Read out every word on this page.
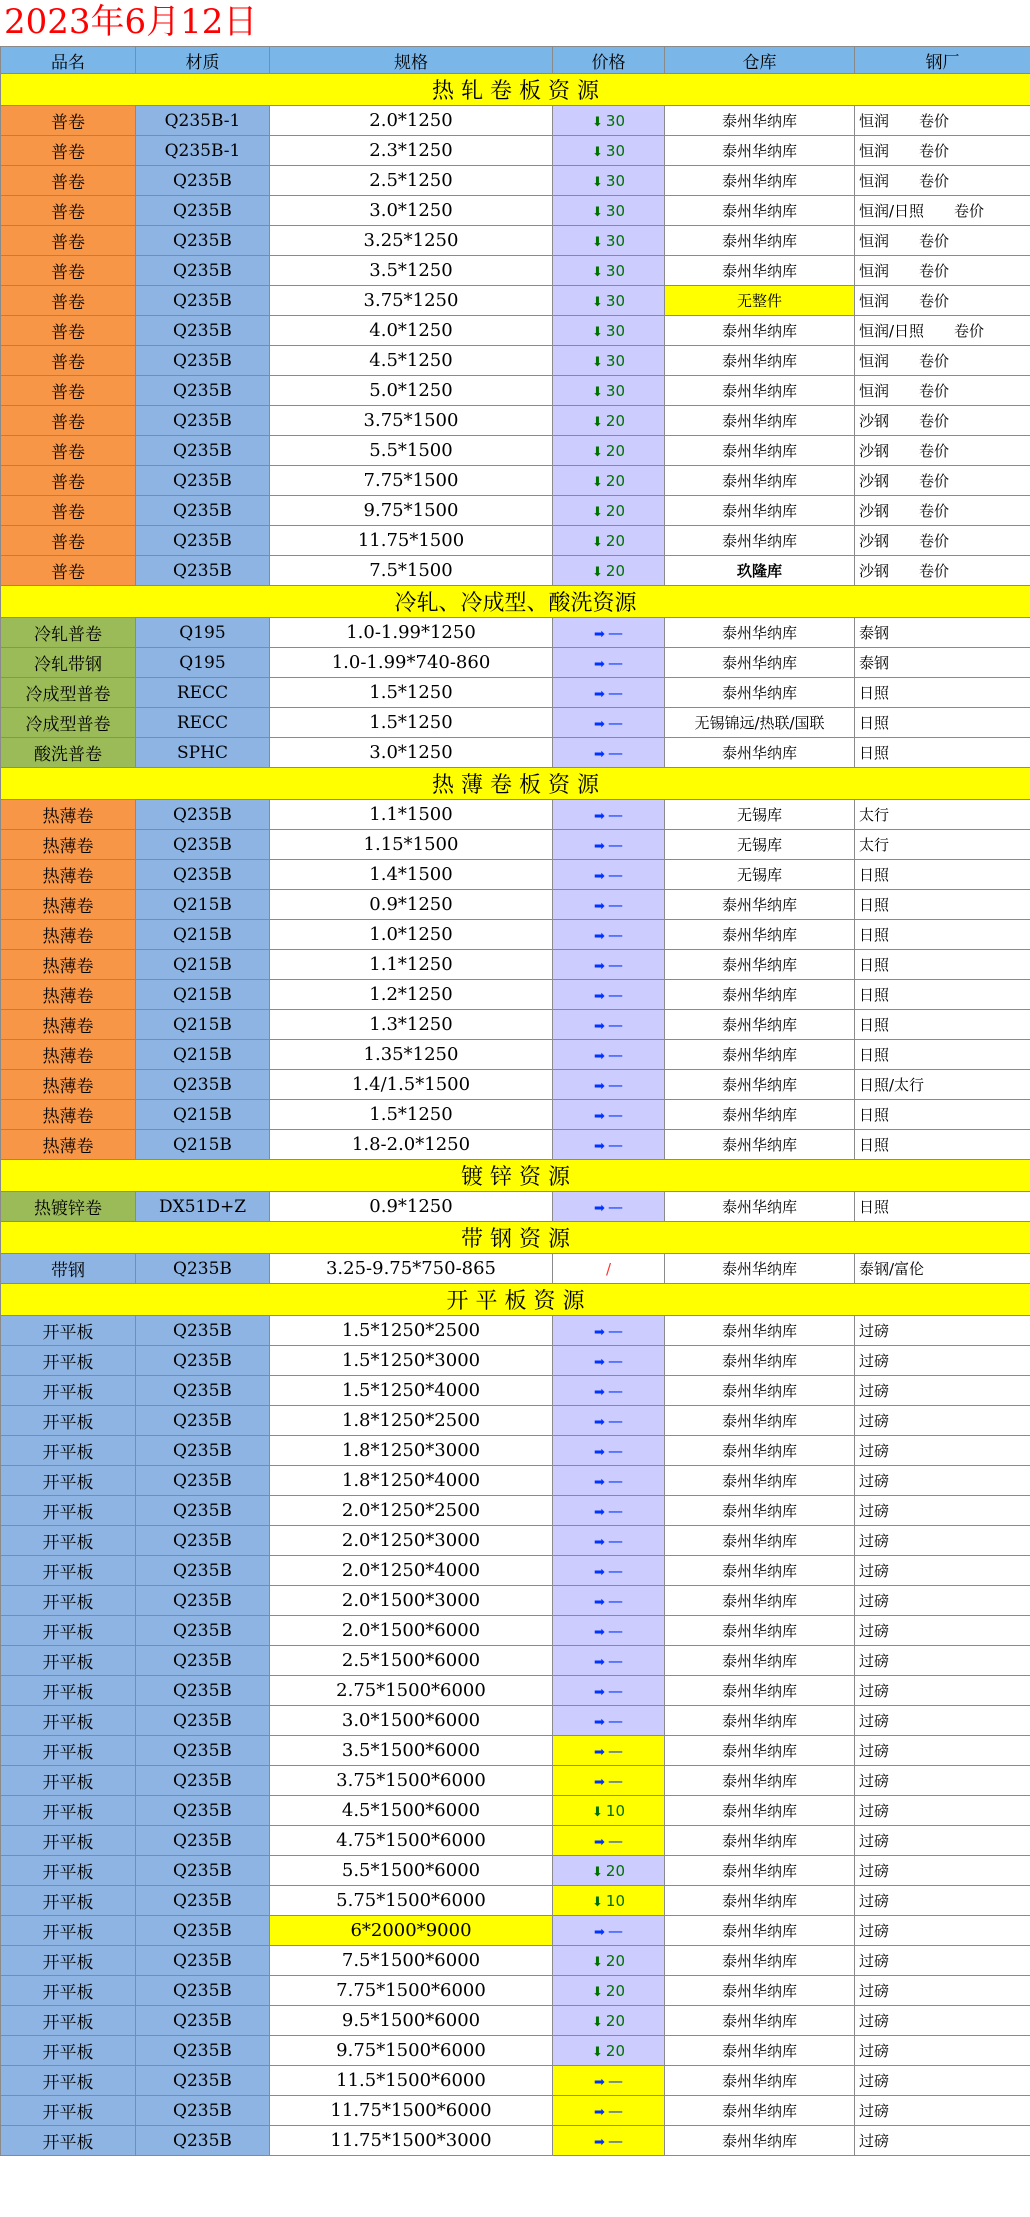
2023年6月12日
品名	材质	规格	价格	仓库	钢厂
热 轧 卷 板 资 源					
普卷	Q235B-1	2.0*1250	⬇ 30	泰州华纳库	恒润　　卷价
普卷	Q235B-1	2.3*1250	⬇ 30	泰州华纳库	恒润　　卷价
普卷	Q235B	2.5*1250	⬇ 30	泰州华纳库	恒润　　卷价
普卷	Q235B	3.0*1250	⬇ 30	泰州华纳库	恒润/日照　　卷价
普卷	Q235B	3.25*1250	⬇ 30	泰州华纳库	恒润　　卷价
普卷	Q235B	3.5*1250	⬇ 30	泰州华纳库	恒润　　卷价
普卷	Q235B	3.75*1250	⬇ 30	无整件	恒润　　卷价
普卷	Q235B	4.0*1250	⬇ 30	泰州华纳库	恒润/日照　　卷价
普卷	Q235B	4.5*1250	⬇ 30	泰州华纳库	恒润　　卷价
普卷	Q235B	5.0*1250	⬇ 30	泰州华纳库	恒润　　卷价
普卷	Q235B	3.75*1500	⬇ 20	泰州华纳库	沙钢　　卷价
普卷	Q235B	5.5*1500	⬇ 20	泰州华纳库	沙钢　　卷价
普卷	Q235B	7.75*1500	⬇ 20	泰州华纳库	沙钢　　卷价
普卷	Q235B	9.75*1500	⬇ 20	泰州华纳库	沙钢　　卷价
普卷	Q235B	11.75*1500	⬇ 20	泰州华纳库	沙钢　　卷价
普卷	Q235B	7.5*1500	⬇ 20	玖隆库	沙钢　　卷价
冷轧、冷成型、酸洗资源					
冷轧普卷	Q195	1.0-1.99*1250	➡ —	泰州华纳库	泰钢
冷轧带钢	Q195	1.0-1.99*740-860	➡ —	泰州华纳库	泰钢
冷成型普卷	RECC	1.5*1250	➡ —	泰州华纳库	日照
冷成型普卷	RECC	1.5*1250	➡ —	无锡锦远/热联/国联	日照
酸洗普卷	SPHC	3.0*1250	➡ —	泰州华纳库	日照
热 薄 卷 板 资 源					
热薄卷	Q235B	1.1*1500	➡ —	无锡库	太行
热薄卷	Q235B	1.15*1500	➡ —	无锡库	太行
热薄卷	Q235B	1.4*1500	➡ —	无锡库	日照
热薄卷	Q215B	0.9*1250	➡ —	泰州华纳库	日照
热薄卷	Q215B	1.0*1250	➡ —	泰州华纳库	日照
热薄卷	Q215B	1.1*1250	➡ —	泰州华纳库	日照
热薄卷	Q215B	1.2*1250	➡ —	泰州华纳库	日照
热薄卷	Q215B	1.3*1250	➡ —	泰州华纳库	日照
热薄卷	Q215B	1.35*1250	➡ —	泰州华纳库	日照
热薄卷	Q235B	1.4/1.5*1500	➡ —	泰州华纳库	日照/太行
热薄卷	Q215B	1.5*1250	➡ —	泰州华纳库	日照
热薄卷	Q215B	1.8-2.0*1250	➡ —	泰州华纳库	日照
镀 锌 资 源					
热镀锌卷	DX51D+Z	0.9*1250	➡ —	泰州华纳库	日照
带 钢 资 源					
带钢	Q235B	3.25-9.75*750-865	/	泰州华纳库	泰钢/富伦
开 平 板 资 源					
开平板	Q235B	1.5*1250*2500	➡ —	泰州华纳库	过磅
开平板	Q235B	1.5*1250*3000	➡ —	泰州华纳库	过磅
开平板	Q235B	1.5*1250*4000	➡ —	泰州华纳库	过磅
开平板	Q235B	1.8*1250*2500	➡ —	泰州华纳库	过磅
开平板	Q235B	1.8*1250*3000	➡ —	泰州华纳库	过磅
开平板	Q235B	1.8*1250*4000	➡ —	泰州华纳库	过磅
开平板	Q235B	2.0*1250*2500	➡ —	泰州华纳库	过磅
开平板	Q235B	2.0*1250*3000	➡ —	泰州华纳库	过磅
开平板	Q235B	2.0*1250*4000	➡ —	泰州华纳库	过磅
开平板	Q235B	2.0*1500*3000	➡ —	泰州华纳库	过磅
开平板	Q235B	2.0*1500*6000	➡ —	泰州华纳库	过磅
开平板	Q235B	2.5*1500*6000	➡ —	泰州华纳库	过磅
开平板	Q235B	2.75*1500*6000	➡ —	泰州华纳库	过磅
开平板	Q235B	3.0*1500*6000	➡ —	泰州华纳库	过磅
开平板	Q235B	3.5*1500*6000	➡ —	泰州华纳库	过磅
开平板	Q235B	3.75*1500*6000	➡ —	泰州华纳库	过磅
开平板	Q235B	4.5*1500*6000	⬇ 10	泰州华纳库	过磅
开平板	Q235B	4.75*1500*6000	➡ —	泰州华纳库	过磅
开平板	Q235B	5.5*1500*6000	⬇ 20	泰州华纳库	过磅
开平板	Q235B	5.75*1500*6000	⬇ 10	泰州华纳库	过磅
开平板	Q235B	6*2000*9000	➡ —	泰州华纳库	过磅
开平板	Q235B	7.5*1500*6000	⬇ 20	泰州华纳库	过磅
开平板	Q235B	7.75*1500*6000	⬇ 20	泰州华纳库	过磅
开平板	Q235B	9.5*1500*6000	⬇ 20	泰州华纳库	过磅
开平板	Q235B	9.75*1500*6000	⬇ 20	泰州华纳库	过磅
开平板	Q235B	11.5*1500*6000	➡ —	泰州华纳库	过磅
开平板	Q235B	11.75*1500*6000	➡ —	泰州华纳库	过磅
开平板	Q235B	11.75*1500*3000	➡ —	泰州华纳库	过磅
